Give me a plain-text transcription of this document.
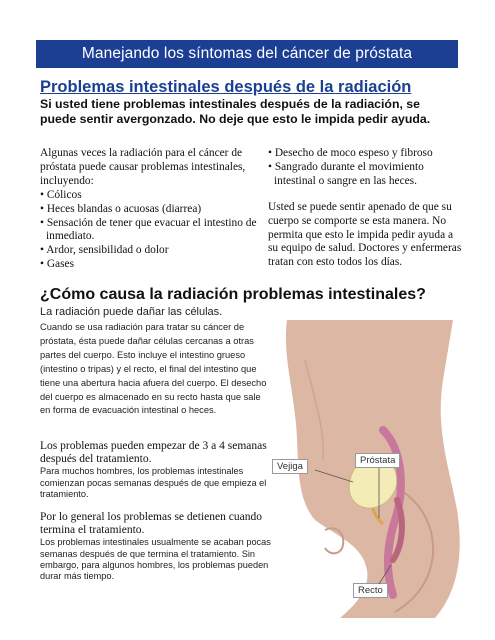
Manejando los síntomas del cáncer de próstata
Problemas intestinales después de la radiación
Si usted tiene problemas intestinales después de la radiación, se puede sentir avergonzado. No deje que esto le impida pedir ayuda.

Algunas veces la radiación para el cáncer de próstata puede causar problemas intestinales, incluyendo:

• Cólicos
• Heces blandas o acuosas (diarrea)
• Sensación de tener que evacuar el intestino de inmediato.
• Ardor, sensibilidad o dolor
• Gases
• Desecho de moco espeso y fibroso
• Sangrado durante el movimiento intestinal o sangre en las heces.

Usted se puede sentir apenado de que su cuerpo se comporte se esta manera. No permita que esto le impida pedir ayuda a su equipo de salud. Doctores y enfermeras tratan con esto todos los días.

¿Cómo causa la radiación problemas intestinales?
La radiación puede dañar las células.
Cuando se usa radiación para tratar su cáncer de próstata, ésta puede dañar células cercanas a otras partes del cuerpo. Esto incluye el intestino grueso (intestino o tripas) y el recto, el final del intestino que tiene una abertura hacia afuera del cuerpo. El desecho del cuerpo es almacenado en su recto hasta que sale en forma de evacuación intestinal o heces.
Los problemas pueden empezar de 3 a 4 semanas después del tratamiento.
Para muchos hombres, los problemas intestinales comienzan pocas semanas después de que empieza el tratamiento.
Por lo general los problemas se detienen cuando termina el tratamiento.
Los problemas intestinales usualmente se acaban pocas semanas después de que termina el tratamiento. Sin embargo, para algunos hombres, los problemas pueden durar más tiempo.
Vejiga
Próstata
Recto
